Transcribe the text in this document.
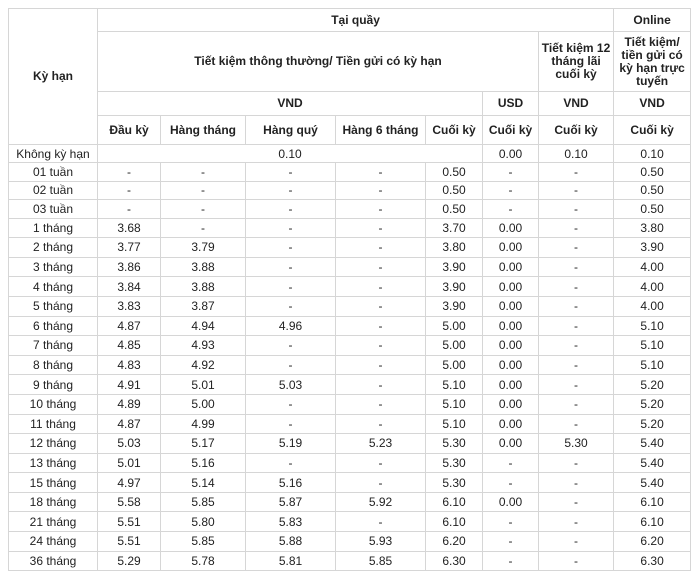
Kỳ hạn	Tại quầy							Online
	Tiết kiệm thông thường/ Tiền gửi có kỳ hạn						Tiết kiệm 12 tháng lãi cuối kỳ	Tiết kiệm/ tiền gửi có kỳ hạn trực tuyến
	VND					USD	VND	VND
	Đầu kỳ	Hàng tháng	Hàng quý	Hàng 6 tháng	Cuối kỳ	Cuối kỳ	Cuối kỳ	Cuối kỳ
Không kỳ hạn	0.10					0.00	0.10	0.10
01 tuần	-	-	-	-	0.50	-	-	0.50
02 tuần	-	-	-	-	0.50	-	-	0.50
03 tuần	-	-	-	-	0.50	-	-	0.50
1 tháng	3.68	-	-	-	3.70	0.00	-	3.80
2 tháng	3.77	3.79	-	-	3.80	0.00	-	3.90
3 tháng	3.86	3.88	-	-	3.90	0.00	-	4.00
4 tháng	3.84	3.88	-	-	3.90	0.00	-	4.00
5 tháng	3.83	3.87	-	-	3.90	0.00	-	4.00
6 tháng	4.87	4.94	4.96	-	5.00	0.00	-	5.10
7 tháng	4.85	4.93	-	-	5.00	0.00	-	5.10
8 tháng	4.83	4.92	-	-	5.00	0.00	-	5.10
9 tháng	4.91	5.01	5.03	-	5.10	0.00	-	5.20
10 tháng	4.89	5.00	-	-	5.10	0.00	-	5.20
11 tháng	4.87	4.99	-	-	5.10	0.00	-	5.20
12 tháng	5.03	5.17	5.19	5.23	5.30	0.00	5.30	5.40
13 tháng	5.01	5.16	-	-	5.30	-	-	5.40
15 tháng	4.97	5.14	5.16	-	5.30	-	-	5.40
18 tháng	5.58	5.85	5.87	5.92	6.10	0.00	-	6.10
21 tháng	5.51	5.80	5.83	-	6.10	-	-	6.10
24 tháng	5.51	5.85	5.88	5.93	6.20	-	-	6.20
36 tháng	5.29	5.78	5.81	5.85	6.30	-	-	6.30
